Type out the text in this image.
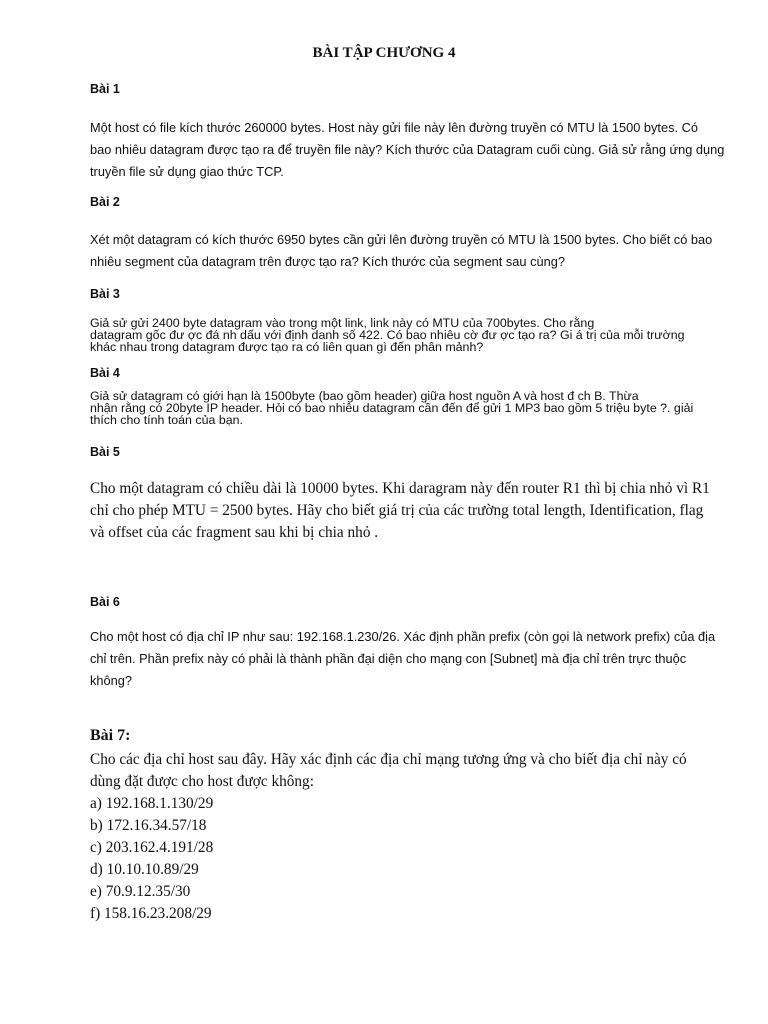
BÀI TẬP CHƯƠNG 4
Bài 1
Một host có file kích thước 260000 bytes. Host này gửi file này lên đường truyền có MTU là 1500 bytes. Có
bao nhiêu datagram được tạo ra để truyền file này? Kích thước của Datagram cuối cùng. Giả sử rằng ứng dụng
truyền file sử dụng giao thức TCP.
Bài 2
Xét một datagram có kích thước 6950 bytes cần gửi lên đường truyền có MTU là 1500 bytes. Cho biết có bao
nhiêu segment của datagram trên được tạo ra? Kích thước của segment sau cùng?
Bài 3
Giả sử gửi 2400 byte datagram vào trong một link, link này có MTU của 700bytes. Cho rằng
datagram gốc đư ợc đá nh dấu với định danh số 422. Có bao nhiêu cờ đư ợc tạo ra? Gi á trị của mỗi trường
khác nhau trong datagram được tạo ra có liên quan gì đến phân mảnh?
Bài 4
Giả sử datagram có giới hạn là 1500byte (bao gồm header) giữa host nguồn A và host đ ch B. Thừa
nhận rằng có 20byte IP header. Hỏi có bao nhiêu datagram cần đến để gửi 1 MP3 bao gồm 5 triệu byte ?. giải
thích cho tính toán của bạn.
Bài 5
Cho một datagram có chiều dài là 10000 bytes. Khi daragram này đến router R1 thì bị chia nhỏ vì R1
chỉ cho phép MTU = 2500 bytes. Hãy cho biết giá trị của các trường total length, Identification, flag
và offset của các fragment sau khi bị chia nhỏ .
Bài 6
Cho một host có địa chỉ IP như sau: 192.168.1.230/26. Xác định phần prefix (còn gọi là network prefix) của địa
chỉ trên. Phần prefix này có phải là thành phần đại diện cho mạng con [Subnet] mà địa chỉ trên trực thuộc
không?
Bài 7:
Cho các địa chỉ host sau đây. Hãy xác định các địa chỉ mạng tương ứng và cho biết địa chỉ này có
dùng đặt được cho host được không:
a) 192.168.1.130/29
b) 172.16.34.57/18
c) 203.162.4.191/28
d) 10.10.10.89/29
e) 70.9.12.35/30
f) 158.16.23.208/29
